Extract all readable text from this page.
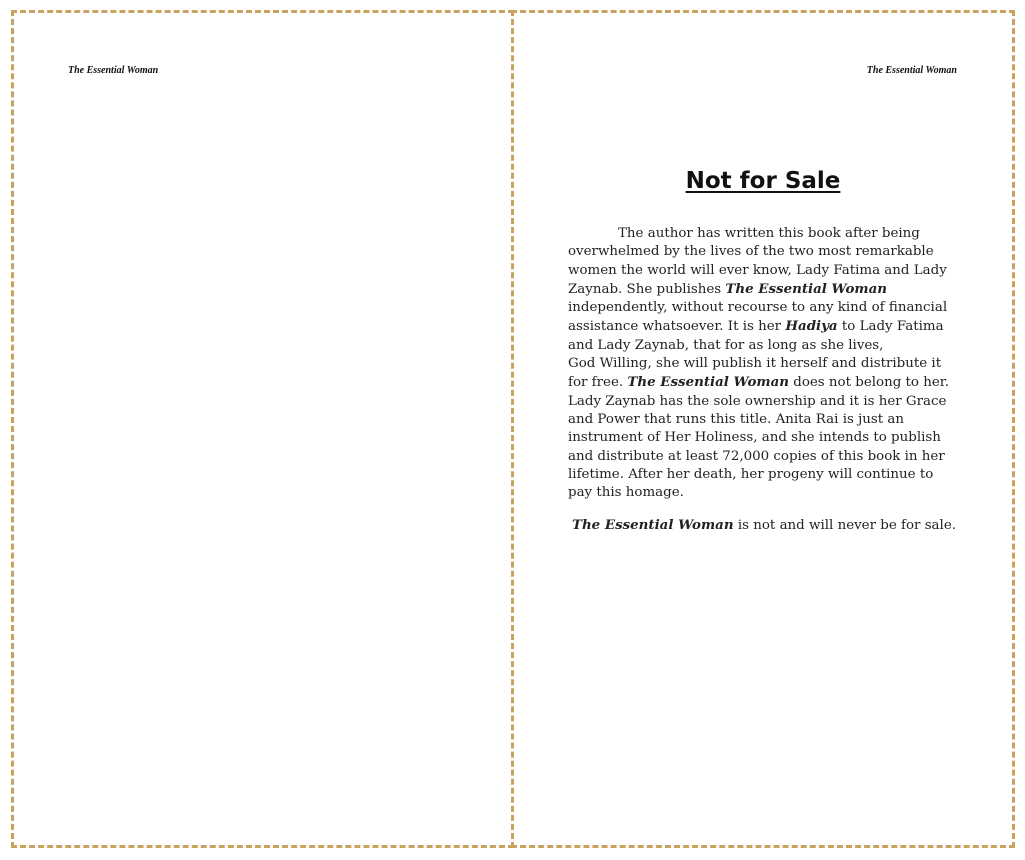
The Essential Woman	The Essential Woman
Not for Sale

The author has written this book after being overwhelmed by the lives of the two most remarkable women the world will ever know, Lady Fatima and Lady Zaynab. She publishes The Essential Woman independently, without recourse to any kind of financial assistance whatsoever. It is her Hadiya to Lady Fatima and Lady Zaynab, that for as long as she lives,
God Willing, she will publish it herself and distribute it for free. The Essential Woman does not belong to her. Lady Zaynab has the sole ownership and it is her Grace and Power that runs this title. Anita Rai is just an instrument of Her Holiness, and she intends to publish and distribute at least 72,000 copies of this book in her lifetime. After her death, her progeny will continue to pay this homage.

The Essential Woman is not and will never be for sale.
